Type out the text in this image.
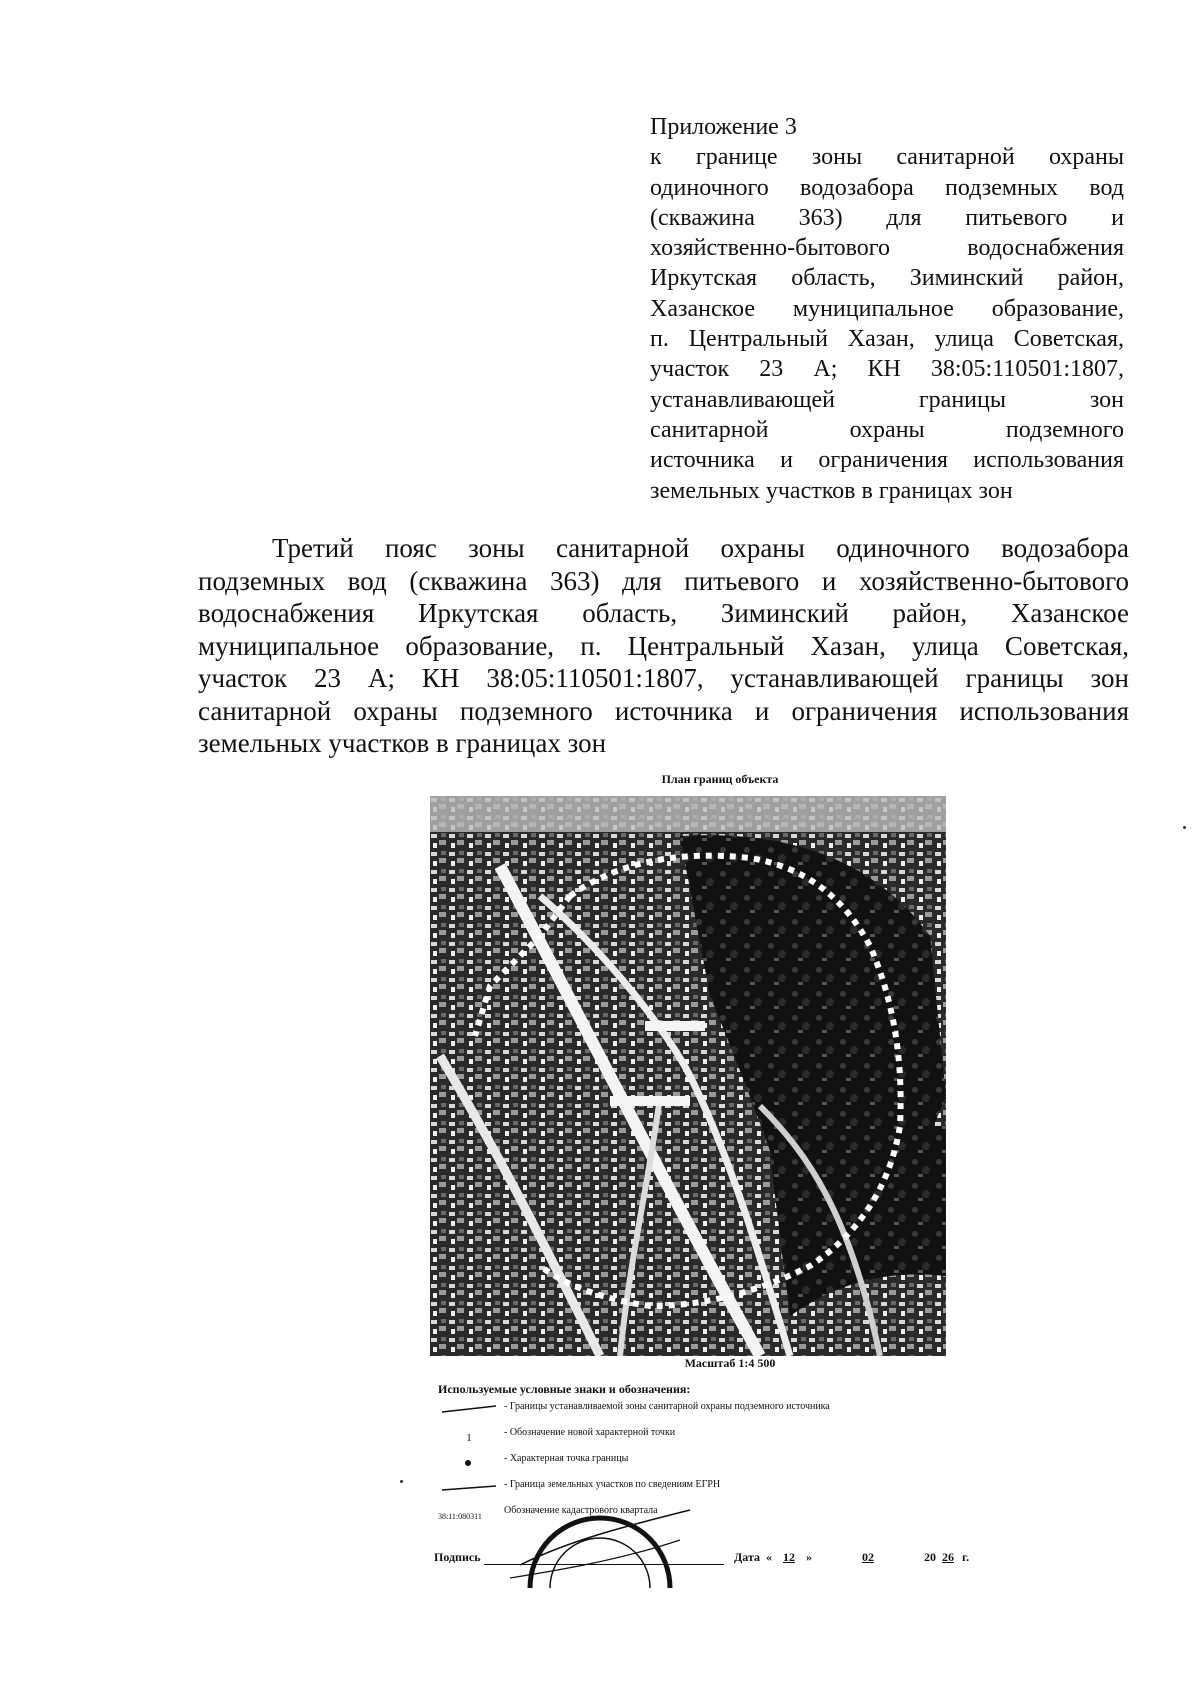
Приложение 3
к границе зоны санитарной охраны
одиночного водозабора подземных вод
(скважина 363) для питьевого и
хозяйственно-бытового водоснабжения
Иркутская область, Зиминский район,
Хазанское муниципальное образование,
п. Центральный Хазан, улица Советская,
участок 23 А; КН 38:05:110501:1807,
устанавливающей границы зон
санитарной охраны подземного
источника и ограничения использования
земельных участков в границах зон
Третий пояс зоны санитарной охраны одиночного водозабора
подземных вод (скважина 363) для питьевого и хозяйственно-бытового
водоснабжения Иркутская область, Зиминский район, Хазанское
муниципальное образование, п. Центральный Хазан, улица Советская,
участок 23 А; КН 38:05:110501:1807, устанавливающей границы зон
санитарной охраны подземного источника и ограничения использования
земельных участков в границах зон
План границ объекта
Масштаб 1:4 500
Используемые условные знаки и обозначения:
- Границы устанавливаемой зоны санитарной охраны подземного источника
1	- Обозначение новой характерной точки
- Характерная точка границы
- Граница земельных участков по сведениям ЕГРН
38:11:080311
Обозначение кадастрового квартала
Подпись	Дата « 12 »	02	20 26 г.
